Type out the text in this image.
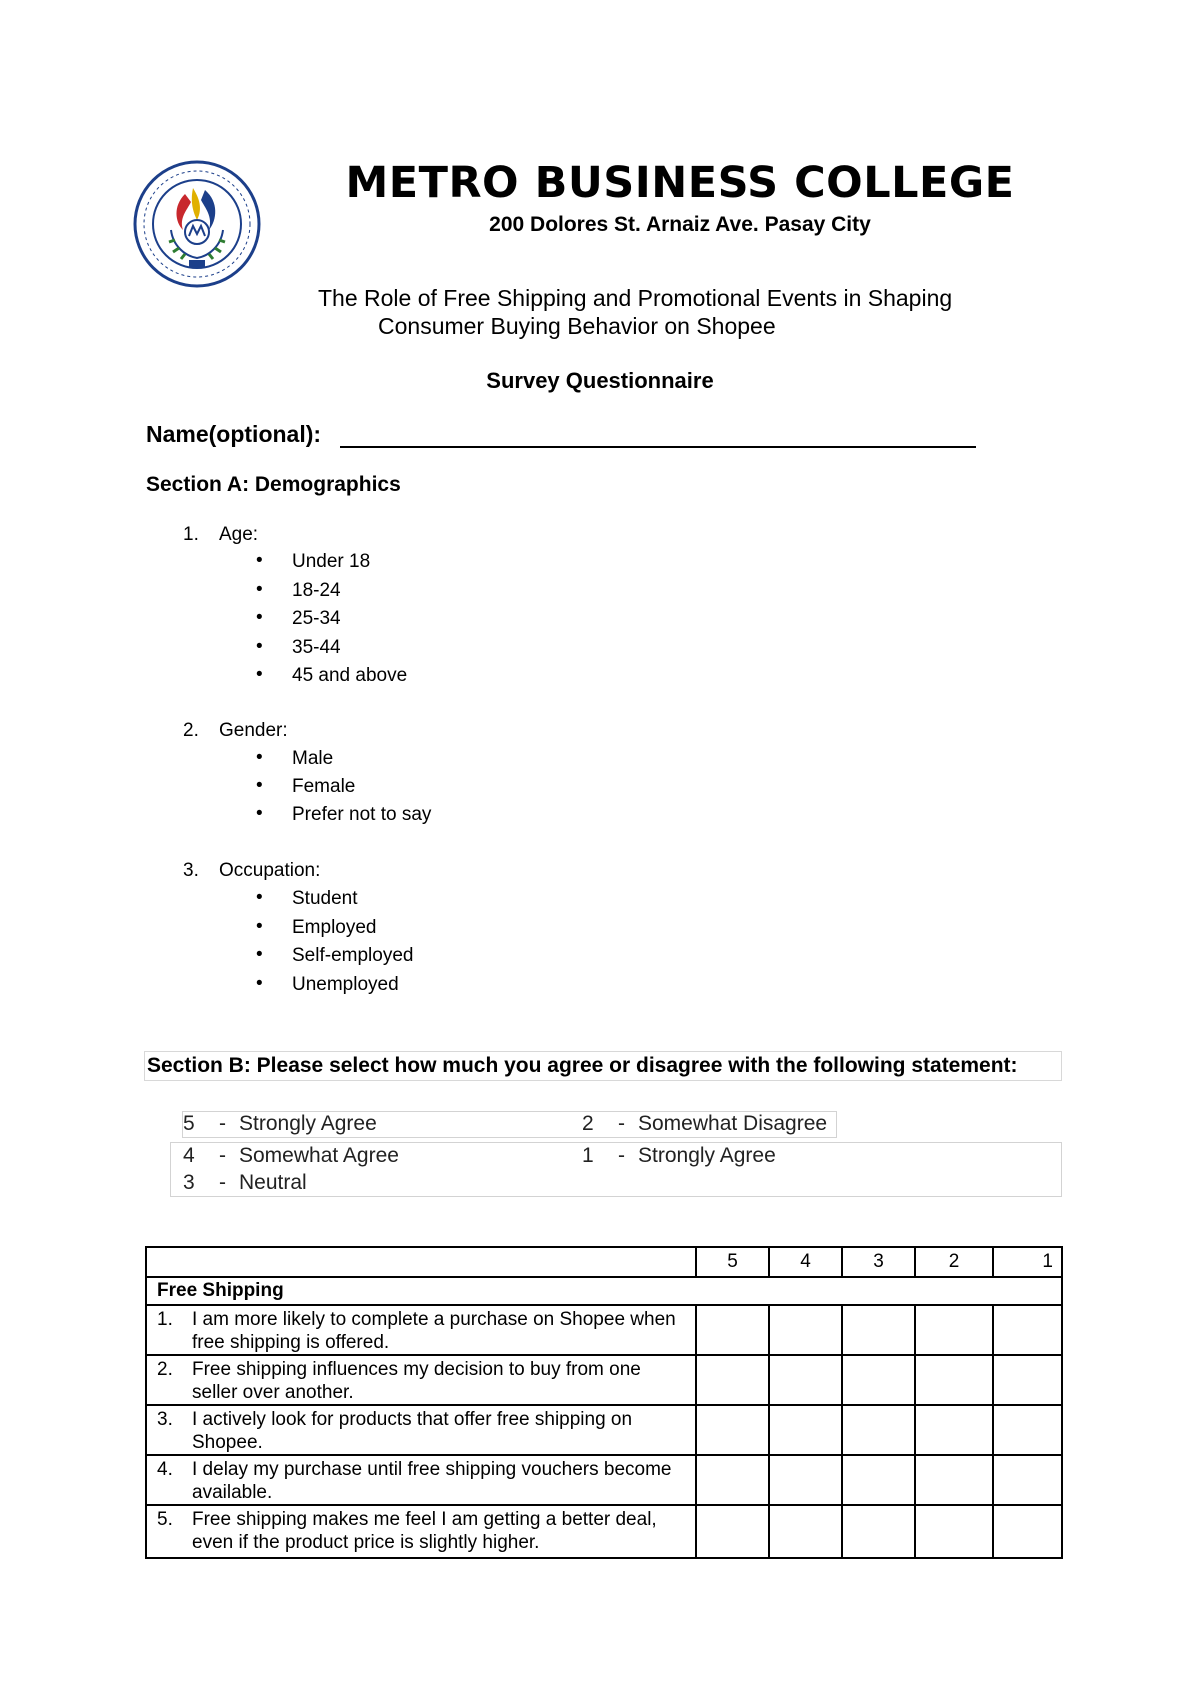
METRO BUSINESS COLLEGE
200 Dolores St. Arnaiz Ave. Pasay City
The Role of Free Shipping and Promotional Events in Shaping
Consumer Buying Behavior on Shopee
Survey Questionnaire
Name(optional):
Section A: Demographics
1. Age:
• Under 18
• 18-24
• 25-34
• 35-44
• 45 and above
2. Gender:
• Male
• Female
• Prefer not to say
3. Occupation:
• Student
• Employed
• Self-employed
• Unemployed
Section B: Please select how much you agree or disagree with the following statement:
5 - Strongly Agree	2 - Somewhat Disagree
4 - Somewhat Agree	1 - Strongly Agree
3 - Neutral
	5	4	3	2	1
Free Shipping					

1. I am more likely to complete a purchase on Shopee when free shipping is offered.					

2. Free shipping influences my decision to buy from one seller over another.					

3. I actively look for products that offer free shipping on Shopee.					

4. I delay my purchase until free shipping vouchers become available.					

5. Free shipping makes me feel I am getting a better deal, even if the product price is slightly higher.					
